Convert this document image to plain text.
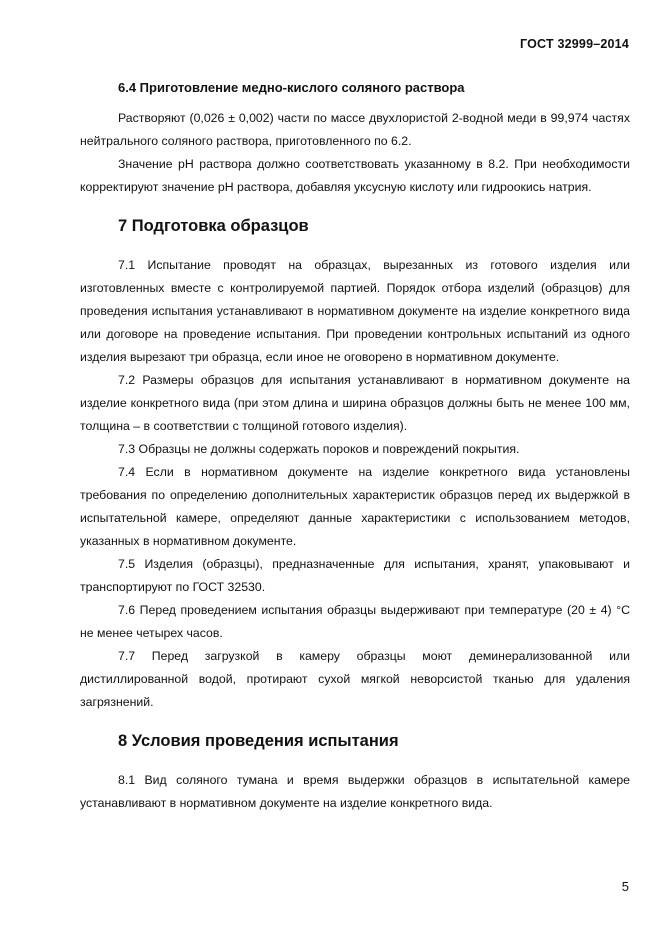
ГОСТ 32999–2014
6.4 Приготовление медно-кислого соляного раствора

Растворяют (0,026 ± 0,002) части по массе двухлористой 2-водной меди в 99,974 частях нейтрального соляного раствора, приготовленного по 6.2.

Значение pH раствора должно соответствовать указанному в 8.2. При необходимости корректируют значение pH раствора, добавляя уксусную кислоту или гидроокись натрия.

7 Подготовка образцов

7.1 Испытание проводят на образцах, вырезанных из готового изделия или изготовленных вместе с контролируемой партией. Порядок отбора изделий (образцов) для проведения испытания устанавливают в нормативном документе на изделие конкретного вида или договоре на проведение испытания. При проведении контрольных испытаний из одного изделия вырезают три образца, если иное не оговорено в нормативном документе.

7.2 Размеры образцов для испытания устанавливают в нормативном документе на изделие конкретного вида (при этом длина и ширина образцов должны быть не менее 100 мм, толщина – в соответствии с толщиной готового изделия).

7.3 Образцы не должны содержать пороков и повреждений покрытия.

7.4 Если в нормативном документе на изделие конкретного вида установлены требования по определению дополнительных характеристик образцов перед их выдержкой в испытательной камере, определяют данные характеристики с использованием методов, указанных в нормативном документе.

7.5 Изделия (образцы), предназначенные для испытания, хранят, упаковывают и транспортируют по ГОСТ 32530.

7.6 Перед проведением испытания образцы выдерживают при температуре (20 ± 4) °С не менее четырех часов.

7.7 Перед загрузкой в камеру образцы моют деминерализованной или дистиллированной водой, протирают сухой мягкой неворсистой тканью для удаления загрязнений.

8 Условия проведения испытания

8.1 Вид соляного тумана и время выдержки образцов в испытательной камере устанавливают в нормативном документе на изделие конкретного вида.

5
